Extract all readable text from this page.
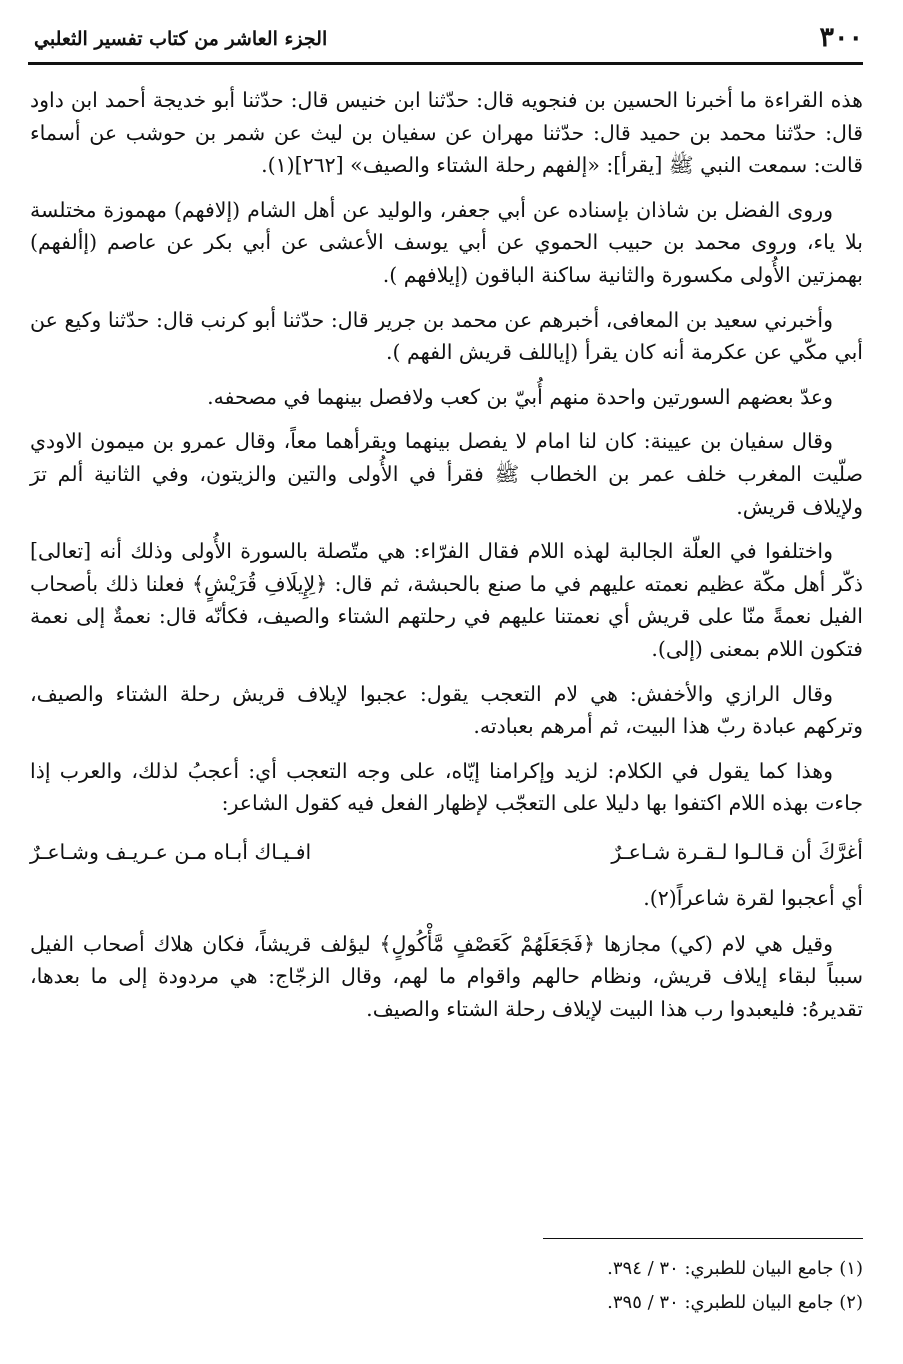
٣٠٠
الجزء العاشر من كتاب تفسير الثعلبي

هذه القراءة ما أخبرنا الحسين بن فنجويه قال: حدّثنا ابن خنيس قال: حدّثنا أبو خديجة أحمد ابن داود قال: حدّثنا محمد بن حميد قال: حدّثنا مهران عن سفيان بن ليث عن شمر بن حوشب عن أسماء قالت: سمعت النبي ﷺ [يقرأ]: «إلفهم رحلة الشتاء والصيف» [٢٦٢](١).

وروى الفضل بن شاذان بإسناده عن أبي جعفر، والوليد عن أهل الشام (إلافهم) مهموزة مختلسة بلا ياء، وروى محمد بن حبيب الحموي عن أبي يوسف الأعشى عن أبي بكر عن عاصم (إألفهم) بهمزتين الأُولى مكسورة والثانية ساكنة الباقون (إيلافهم ).

وأخبرني سعيد بن المعافى، أخبرهم عن محمد بن جرير قال: حدّثنا أبو كرنب قال: حدّثنا وكيع عن أبي مكّي عن عكرمة أنه كان يقرأ (إياللف قريش الفهم ).

وعدّ بعضهم السورتين واحدة منهم أُبيّ بن كعب ولافصل بينهما في مصحفه.

وقال سفيان بن عيينة: كان لنا امام لا يفصل بينهما ويقرأهما معاً، وقال عمرو بن ميمون الاودي صلّيت المغرب خلف عمر بن الخطاب ﷺ فقرأ في الأُولى والتين والزيتون، وفي الثانية ألم ترَ ولإيلاف قريش.

واختلفوا في العلّة الجالبة لهذه اللام فقال الفرّاء: هي متّصلة بالسورة الأُولى وذلك أنه [تعالى] ذكّر أهل مكّة عظيم نعمته عليهم في ما صنع بالحبشة، ثم قال: ﴿لِإِيلَافِ قُرَيْشٍ﴾ فعلنا ذلك بأصحاب الفيل نعمةً منّا على قريش أي نعمتنا عليهم في رحلتهم الشتاء والصيف، فكأنّه قال: نعمةٌ إلى نعمة فتكون اللام بمعنى (إلى).

وقال الرازي والأخفش: هي لام التعجب يقول: عجبوا لإيلاف قريش رحلة الشتاء والصيف، وتركهم عبادة ربّ هذا البيت، ثم أمرهم بعبادته.

وهذا كما يقول في الكلام: لزيد وإكرامنا إيّاه، على وجه التعجب أي: أعجبُ لذلك، والعرب إذا جاءت بهذه اللام اكتفوا بها دليلا على التعجّب لإظهار الفعل فيه كقول الشاعر:

أغرَّكَ أن قـالـوا لـقـرة شـاعـرٌ
افـيـاك أبـاه مـن عـريـف وشـاعـرٌ
أي أعجبوا لقرة شاعراً(٢).

وقيل هي لام (كي) مجازها ﴿فَجَعَلَهُمْ كَعَصْفٍ مَّأْكُولٍ﴾ ليؤلف قريشاً، فكان هلاك أصحاب الفيل سبباً لبقاء إيلاف قريش، ونظام حالهم واقوام ما لهم، وقال الزجّاج: هي مردودة إلى ما بعدها، تقديرهُ: فليعبدوا رب هذا البيت لإيلاف رحلة الشتاء والصيف.

(١) جامع البيان للطبري: ٣٠ / ٣٩٤.
(٢) جامع البيان للطبري: ٣٠ / ٣٩٥.
